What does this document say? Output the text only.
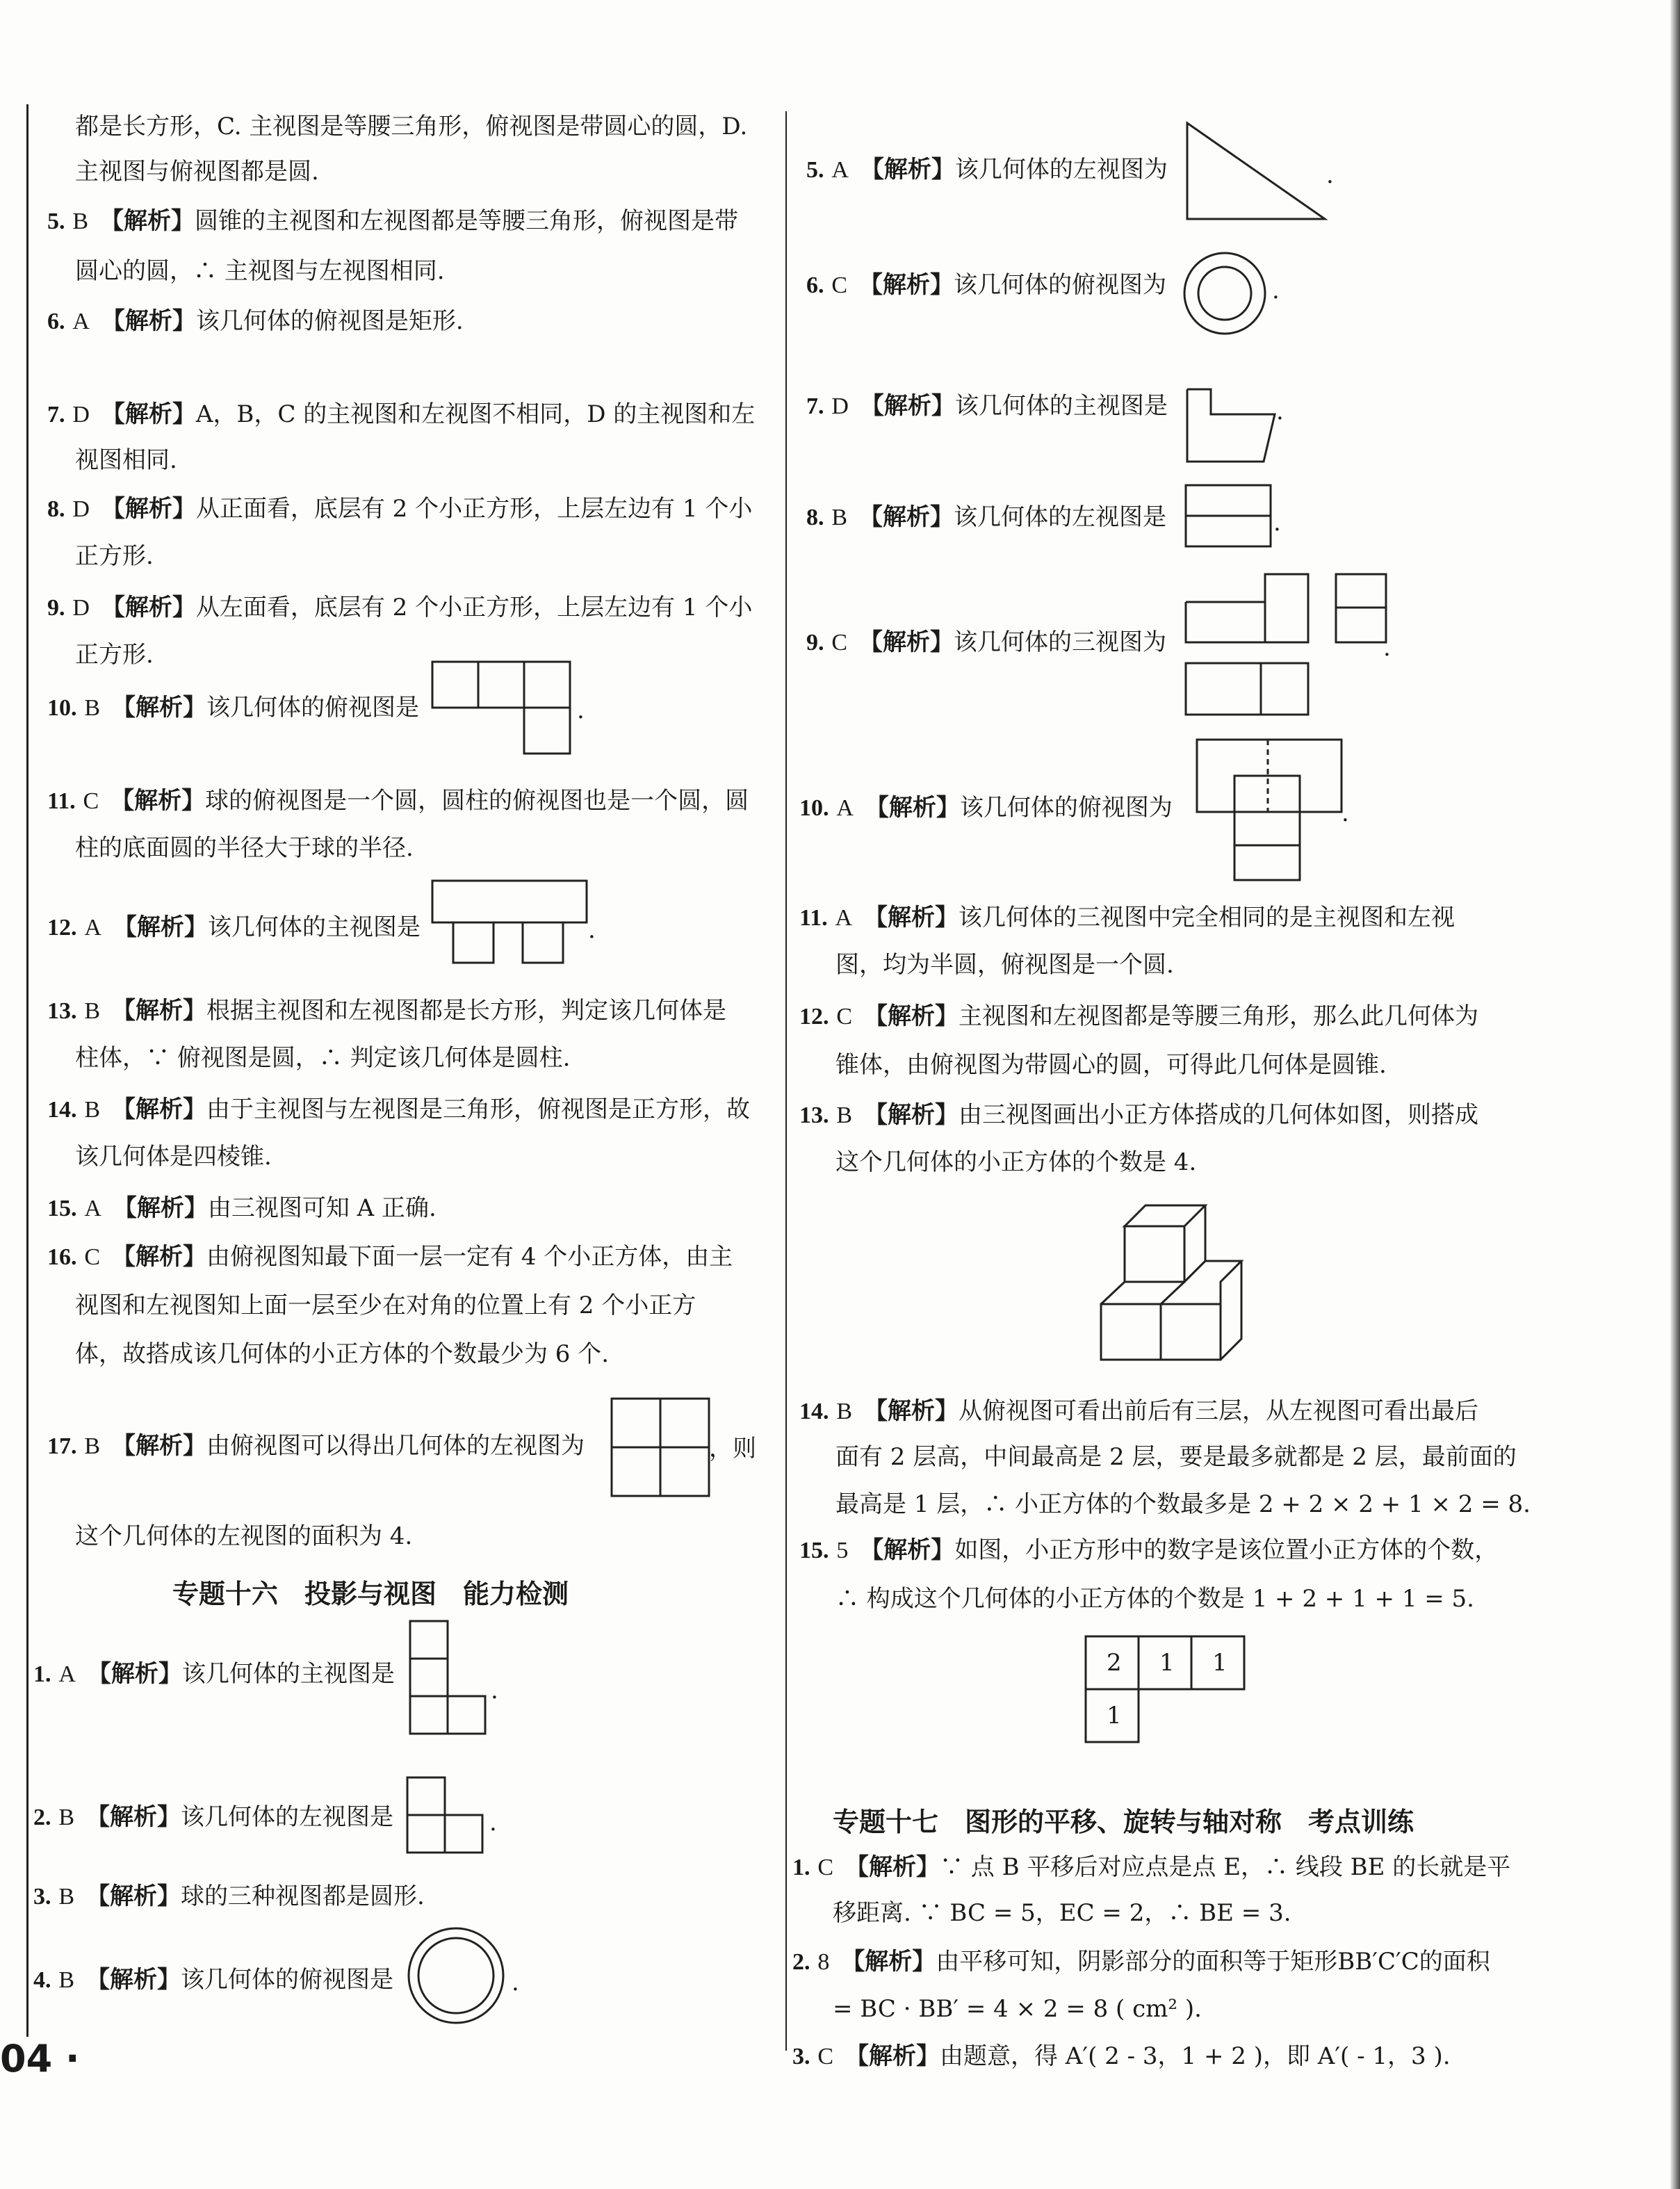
都是长方形，C. 主视图是等腰三角形，俯视图是带圆心的圆，D.
主视图与俯视图都是圆.
5. B　 【解析】圆锥的主视图和左视图都是等腰三角形，俯视图是带
圆心的圆，∴ 主视图与左视图相同.
6. A　 【解析】该几何体的俯视图是矩形.
7. D　 【解析】A，B，C 的主视图和左视图不相同，D 的主视图和左
视图相同.
8. D　 【解析】从正面看，底层有 2 个小正方形，上层左边有 1 个小
正方形.
9. D　 【解析】从左面看，底层有 2 个小正方形，上层左边有 1 个小
正方形.
10. B　 【解析】该几何体的俯视图是	.
11. C　 【解析】球的俯视图是一个圆，圆柱的俯视图也是一个圆，圆
柱的底面圆的半径大于球的半径.
12. A　 【解析】该几何体的主视图是	.
13. B　 【解析】根据主视图和左视图都是长方形，判定该几何体是
柱体，∵ 俯视图是圆，∴ 判定该几何体是圆柱.
14. B　 【解析】由于主视图与左视图是三角形，俯视图是正方形，故
该几何体是四棱锥.
15. A　 【解析】由三视图可知 A 正确.
16. C　 【解析】由俯视图知最下面一层一定有 4 个小正方体，由主
视图和左视图知上面一层至少在对角的位置上有 2 个小正方
体，故搭成该几何体的小正方体的个数最少为 6 个.
17. B　 【解析】由俯视图可以得出几何体的左视图为	，则
这个几何体的左视图的面积为 4.
专题十六　投影与视图　能力检测
1. A　 【解析】该几何体的主视图是
.
2. B　 【解析】该几何体的左视图是	.
3. B　 【解析】球的三种视图都是圆形.
4. B　 【解析】该几何体的俯视图是	.
04 ·
5. A　 【解析】该几何体的左视图为	.
6. C　 【解析】该几何体的俯视图为	.
7. D　 【解析】该几何体的主视图是	.
8. B　 【解析】该几何体的左视图是	.
9. C　 【解析】该几何体的三视图为	.
10. A　 【解析】该几何体的俯视图为	.
11. A　 【解析】该几何体的三视图中完全相同的是主视图和左视
图，均为半圆，俯视图是一个圆.
12. C　 【解析】主视图和左视图都是等腰三角形，那么此几何体为
锥体，由俯视图为带圆心的圆，可得此几何体是圆锥.
13. B　 【解析】由三视图画出小正方体搭成的几何体如图，则搭成
这个几何体的小正方体的个数是 4.
14. B　 【解析】从俯视图可看出前后有三层，从左视图可看出最后
面有 2 层高，中间最高是 2 层，要是最多就都是 2 层，最前面的
最高是 1 层，∴ 小正方体的个数最多是 2 + 2 × 2 + 1 × 2 = 8.
15. 5　 【解析】如图，小正方形中的数字是该位置小正方体的个数，
∴ 构成这个几何体的小正方体的个数是 1 + 2 + 1 + 1 = 5.
2 1 1
1
专题十七　图形的平移、旋转与轴对称　考点训练
1. C　 【解析】∵ 点 B 平移后对应点是点 E，∴ 线段 BE 的长就是平
移距离. ∵ BC = 5，EC = 2，∴ BE = 3.
2. 8　 【解析】由平移可知，阴影部分的面积等于矩形BB′C′C的面积
= BC · BB′ = 4 × 2 = 8 ( cm² ).
3. C　 【解析】由题意，得 A′( 2 - 3，1 + 2 )，即 A′( - 1，3 ).
